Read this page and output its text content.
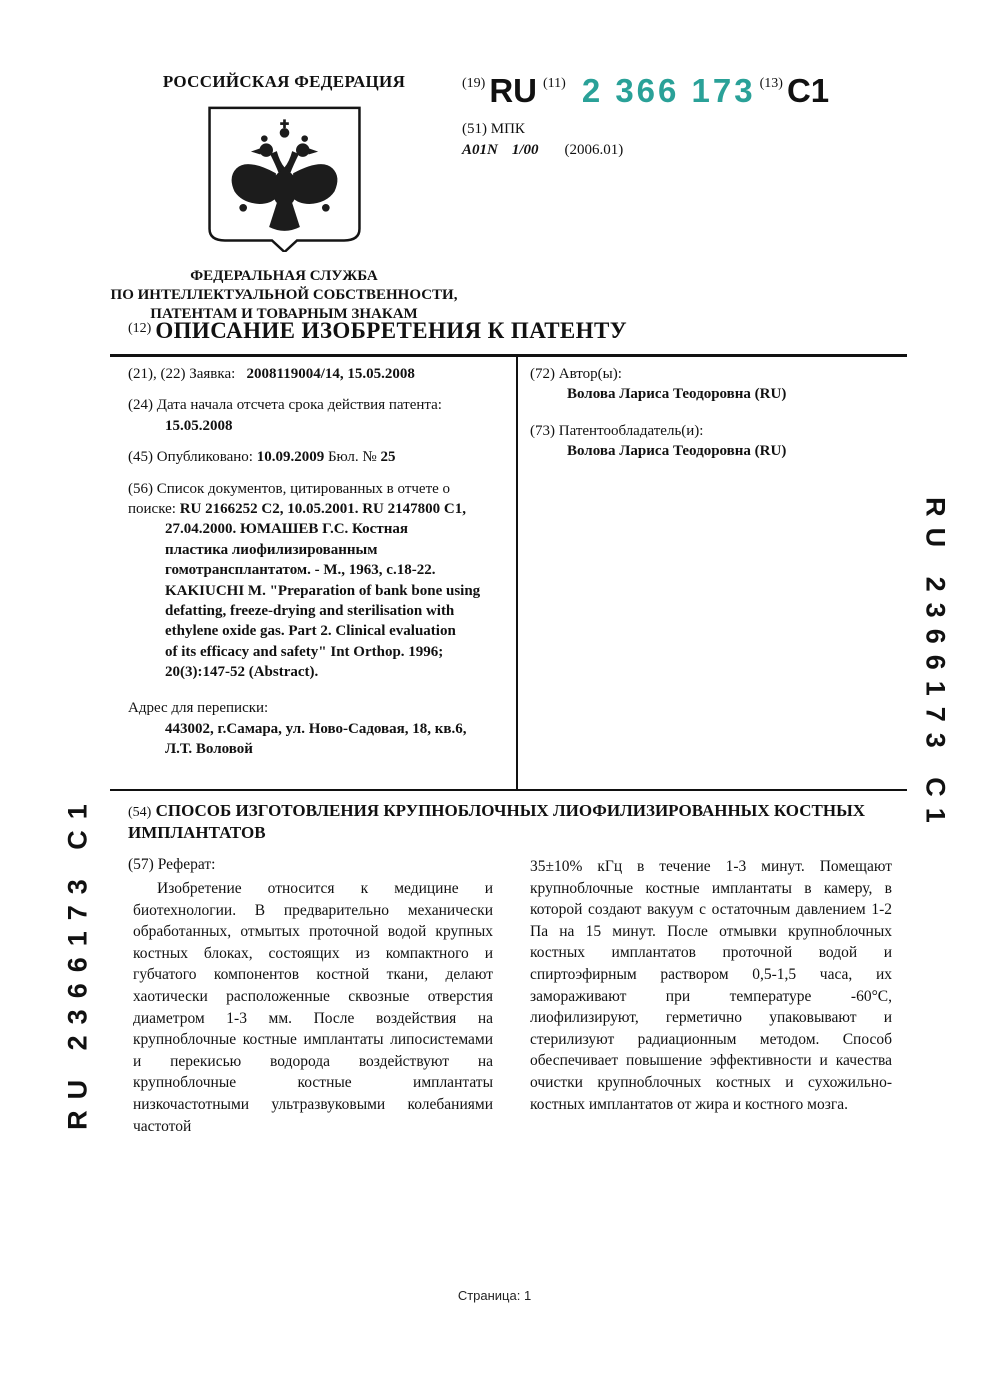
РОССИЙСКАЯ ФЕДЕРАЦИЯ
ФЕДЕРАЛЬНАЯ СЛУЖБА
ПО ИНТЕЛЛЕКТУАЛЬНОЙ СОБСТВЕННОСТИ,
ПАТЕНТАМ И ТОВАРНЫМ ЗНАКАМ
(19) RU (11) 2 366 173 (13) C1
(51) МПК
A01N 1/00 (2006.01)
(12) ОПИСАНИЕ ИЗОБРЕТЕНИЯ К ПАТЕНТУ
(21), (22) Заявка: 2008119004/14, 15.05.2008
(24) Дата начала отсчета срока действия патента:
15.05.2008
(45) Опубликовано: 10.09.2009 Бюл. № 25
(56) Список документов, цитированных в отчете о
поиске: RU 2166252 C2, 10.05.2001. RU 2147800 C1,
27.04.2000. ЮМАШЕВ Г.С. Костная
пластика лиофилизированным
гомотрансплантатом. - М., 1963, с.18-22.
KAKIUCHI M. "Preparation of bank bone using
defatting, freeze-drying and sterilisation with
ethylene oxide gas. Part 2. Clinical evaluation
of its efficacy and safety" Int Orthop. 1996;
20(3):147-52 (Abstract).
Адрес для переписки:
443002, г.Самара, ул. Ново-Садовая, 18, кв.6,
Л.Т. Воловой
(72) Автор(ы):
Волова Лариса Теодоровна (RU)
(73) Патентообладатель(и):
Волова Лариса Теодоровна (RU)
(54) СПОСОБ ИЗГОТОВЛЕНИЯ КРУПНОБЛОЧНЫХ ЛИОФИЛИЗИРОВАННЫХ КОСТНЫХ ИМПЛАНТАТОВ
(57) Реферат:

Изобретение относится к медицине и биотехнологии. В предварительно механически обработанных, отмытых проточной водой крупных костных блоках, состоящих из компактного и губчатого компонентов костной ткани, делают хаотически расположенные сквозные отверстия диаметром 1-3 мм. После воздействия на крупноблочные костные имплантаты липосистемами и перекисью водорода воздействуют на крупноблочные костные имплантаты низкочастотными ультразвуковыми колебаниями частотой

35±10% кГц в течение 1-3 минут. Помещают крупноблочные костные имплантаты в камеру, в которой создают вакуум с остаточным давлением 1-2 Па на 15 минут. После отмывки крупноблочных костных имплантатов проточной водой и спиртоэфирным раствором 0,5-1,5 часа, их замораживают при температуре -60°С, лиофилизируют, герметично упаковывают и стерилизуют радиационным методом. Способ обеспечивает повышение эффективности и качества очистки крупноблочных костных и сухожильно-костных имплантатов от жира и костного мозга.

RU 2366173 C1
RU 2366173 C1
Страница: 1
